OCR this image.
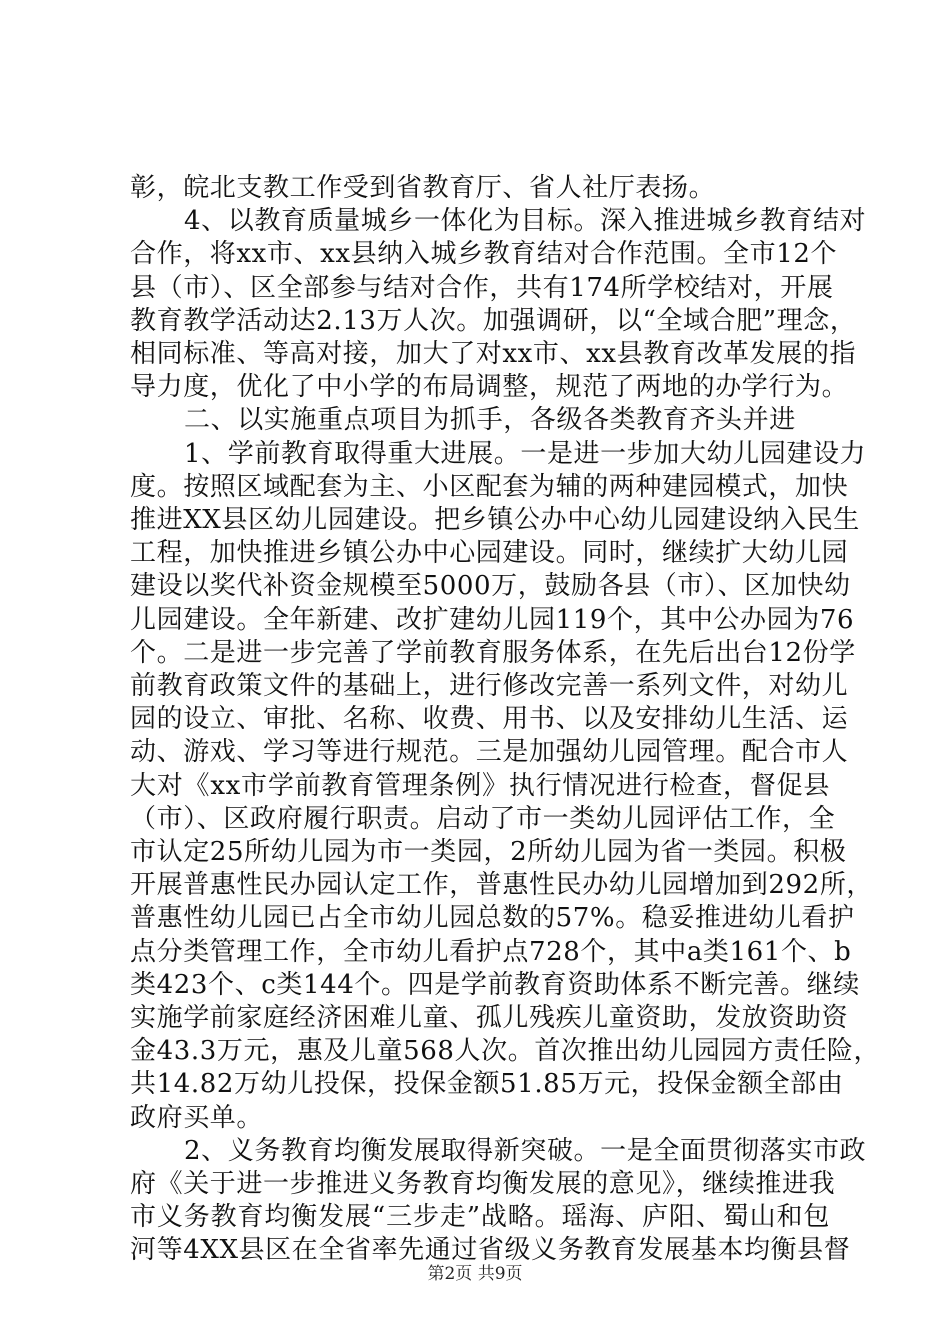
彰，皖北支教工作受到省教育厅、省人社厅表扬。
4、以教育质量城乡一体化为目标。深入推进城乡教育结对
合作，将xx市、xx县纳入城乡教育结对合作范围。全市12个
县（市）、区全部参与结对合作，共有174所学校结对，开展
教育教学活动达2.13万人次。加强调研，以“全域合肥”理念，
相同标准、等高对接，加大了对xx市、xx县教育改革发展的指
导力度，优化了中小学的布局调整，规范了两地的办学行为。
二、以实施重点项目为抓手，各级各类教育齐头并进
1、学前教育取得重大进展。一是进一步加大幼儿园建设力
度。按照区域配套为主、小区配套为辅的两种建园模式，加快
推进XX县区幼儿园建设。把乡镇公办中心幼儿园建设纳入民生
工程，加快推进乡镇公办中心园建设。同时，继续扩大幼儿园
建设以奖代补资金规模至5000万，鼓励各县（市）、区加快幼
儿园建设。全年新建、改扩建幼儿园119个，其中公办园为76
个。二是进一步完善了学前教育服务体系，在先后出台12份学
前教育政策文件的基础上，进行修改完善一系列文件，对幼儿
园的设立、审批、名称、收费、用书、以及安排幼儿生活、运
动、游戏、学习等进行规范。三是加强幼儿园管理。配合市人
大对《xx市学前教育管理条例》执行情况进行检查，督促县
（市）、区政府履行职责。启动了市一类幼儿园评估工作，全
市认定25所幼儿园为市一类园，2所幼儿园为省一类园。积极
开展普惠性民办园认定工作，普惠性民办幼儿园增加到292所，
普惠性幼儿园已占全市幼儿园总数的57%。稳妥推进幼儿看护
点分类管理工作，全市幼儿看护点728个，其中a类161个、b
类423个、c类144个。四是学前教育资助体系不断完善。继续
实施学前家庭经济困难儿童、孤儿残疾儿童资助，发放资助资
金43.3万元，惠及儿童568人次。首次推出幼儿园园方责任险，
共14.82万幼儿投保，投保金额51.85万元，投保金额全部由
政府买单。
2、义务教育均衡发展取得新突破。一是全面贯彻落实市政
府《关于进一步推进义务教育均衡发展的意见》，继续推进我
市义务教育均衡发展“三步走”战略。瑶海、庐阳、蜀山和包
河等4XX县区在全省率先通过省级义务教育发展基本均衡县督
第2页 共9页
